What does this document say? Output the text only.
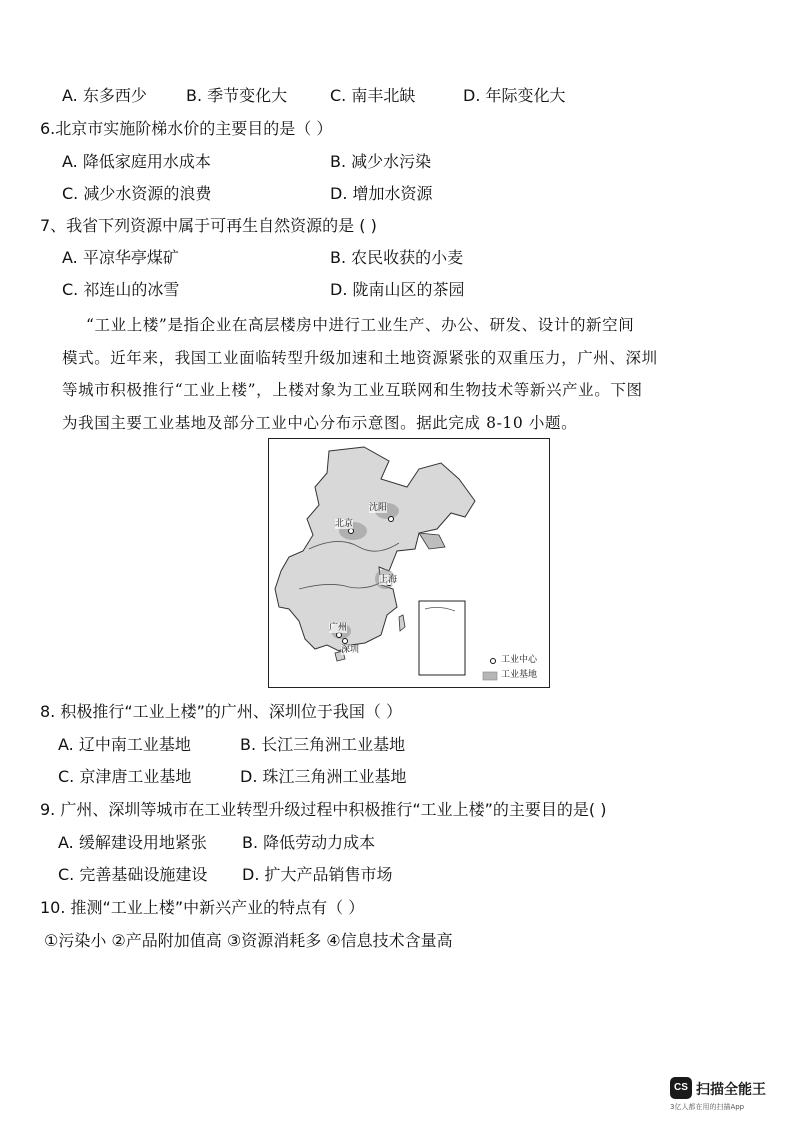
A. 东多西少 B. 季节变化大	C. 南丰北缺	D. 年际变化大
6.北京市实施阶梯水价的主要目的是（ ）
A. 降低家庭用水成本	B. 减少水污染
C. 减少水资源的浪费	D. 增加水资源
7、我省下列资源中属于可再生自然资源的是 ( )
A. 平凉华亭煤矿	B. 农民收获的小麦
C. 祁连山的冰雪	D. 陇南山区的茶园
“工业上楼”是指企业在高层楼房中进行工业生产、办公、研发、设计的新空间
模式。近年来，我国工业面临转型升级加速和土地资源紧张的双重压力，广州、深圳
等城市积极推行“工业上楼”，上楼对象为工业互联网和生物技术等新兴产业。下图
为我国主要工业基地及部分工业中心分布示意图。据此完成 8-10 小题。
沈阳
北京
上海
广州
深圳
工业中心
工业基地
8. 积极推行“工业上楼”的广州、深圳位于我国（ ）
A. 辽中南工业基地	B. 长江三角洲工业基地
C. 京津唐工业基地	D. 珠江三角洲工业基地
9. 广州、深圳等城市在工业转型升级过程中积极推行“工业上楼”的主要目的是( )
A. 缓解建设用地紧张 B. 降低劳动力成本
C. 完善基础设施建设 D. 扩大产品销售市场
10. 推测“工业上楼”中新兴产业的特点有（ ）
①污染小 ②产品附加值高 ③资源消耗多 ④信息技术含量高
CS 扫描全能王
3亿人都在用的扫描App
